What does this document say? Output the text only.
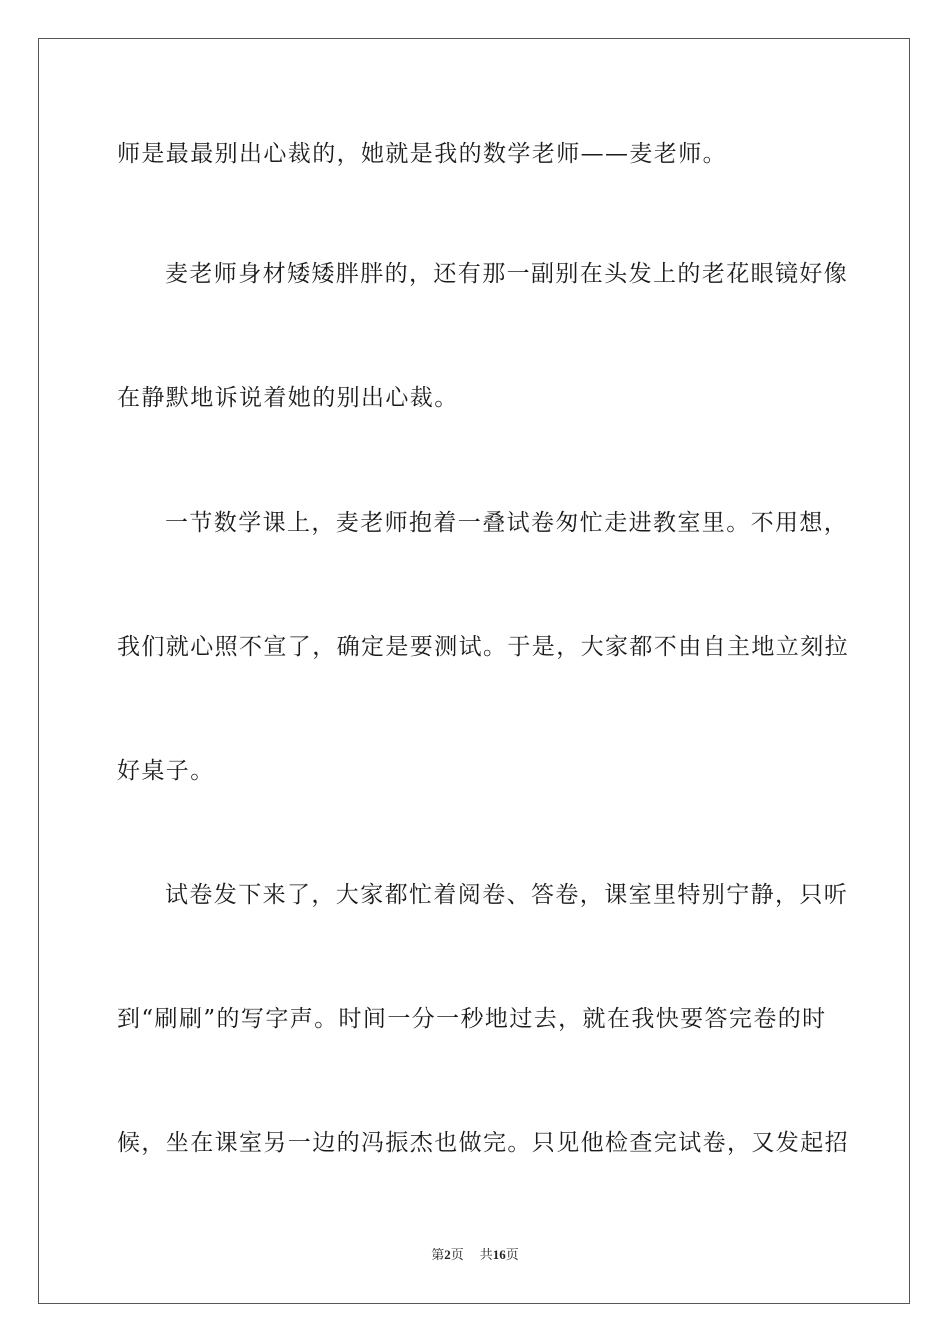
师是最最别出心裁的，她就是我的数学老师——麦老师。
麦老师身材矮矮胖胖的，还有那一副别在头发上的老花眼镜好像
在静默地诉说着她的别出心裁。
一节数学课上，麦老师抱着一叠试卷匆忙走进教室里。不用想，
我们就心照不宣了，确定是要测试。于是，大家都不由自主地立刻拉
好桌子。
试卷发下来了，大家都忙着阅卷、答卷，课室里特别宁静，只听
到“刷刷”的写字声。时间一分一秒地过去，就在我快要答完卷的时
候，坐在课室另一边的冯振杰也做完。只见他检查完试卷，又发起招
第2页 共16页
